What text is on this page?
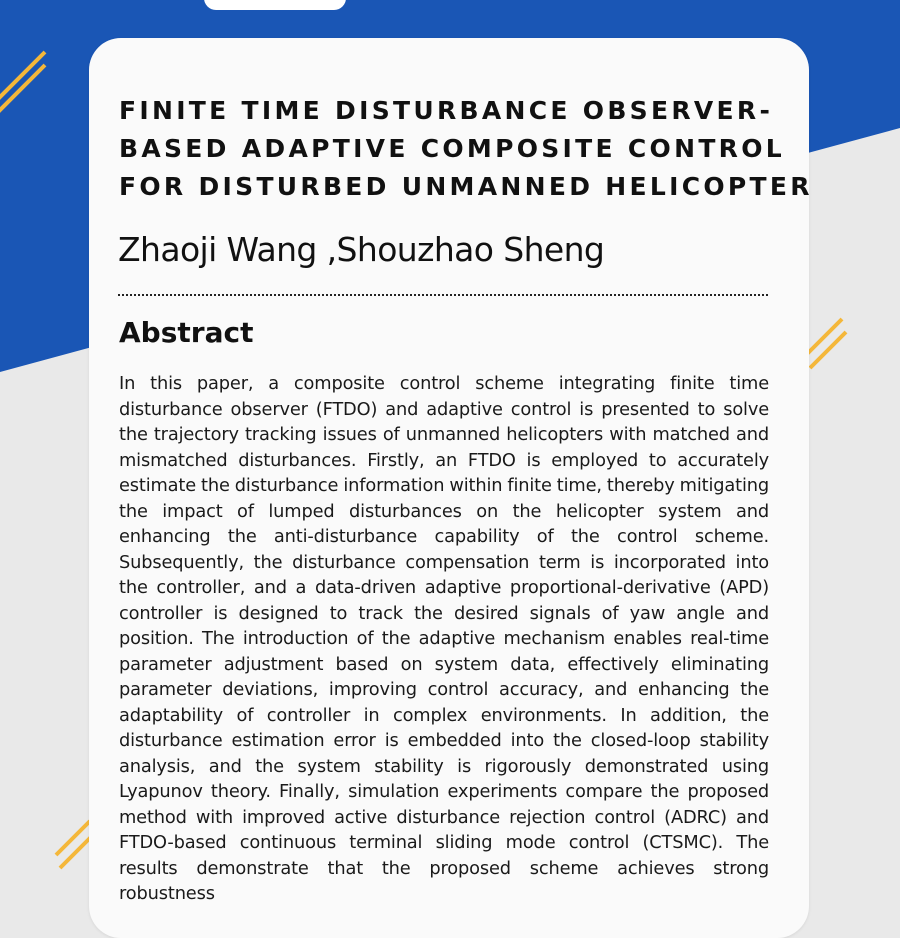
FINITE TIME DISTURBANCE OBSERVER-
BASED ADAPTIVE COMPOSITE CONTROL
FOR DISTURBED UNMANNED HELICOPTER

Zhaoji Wang ,Shouzhao Sheng

Abstract

In this paper, a composite control scheme integrating finite time disturbance observer (FTDO) and adaptive control is presented to solve the trajectory tracking issues of unmanned helicopters with matched and mismatched disturbances. Firstly, an FTDO is employed to accurately estimate the disturbance information within finite time, thereby mitigating the impact of lumped disturbances on the helicopter system and enhancing the anti-disturbance capability of the control scheme. Subsequently, the disturbance compensation term is incorporated into the controller, and a data-driven adaptive proportional-derivative (APD) controller is designed to track the desired signals of yaw angle and position. The introduction of the adaptive mechanism enables real-time parameter adjustment based on system data, effectively eliminating parameter deviations, improving control accuracy, and enhancing the adaptability of controller in complex environments. In addition, the disturbance estimation error is embedded into the closed-loop stability analysis, and the system stability is rigorously demonstrated using Lyapunov theory. Finally, simulation experiments compare the proposed method with improved active disturbance rejection control (ADRC) and FTDO-based continuous terminal sliding mode control (CTSMC). The results demonstrate that the proposed scheme achieves strong robustness
